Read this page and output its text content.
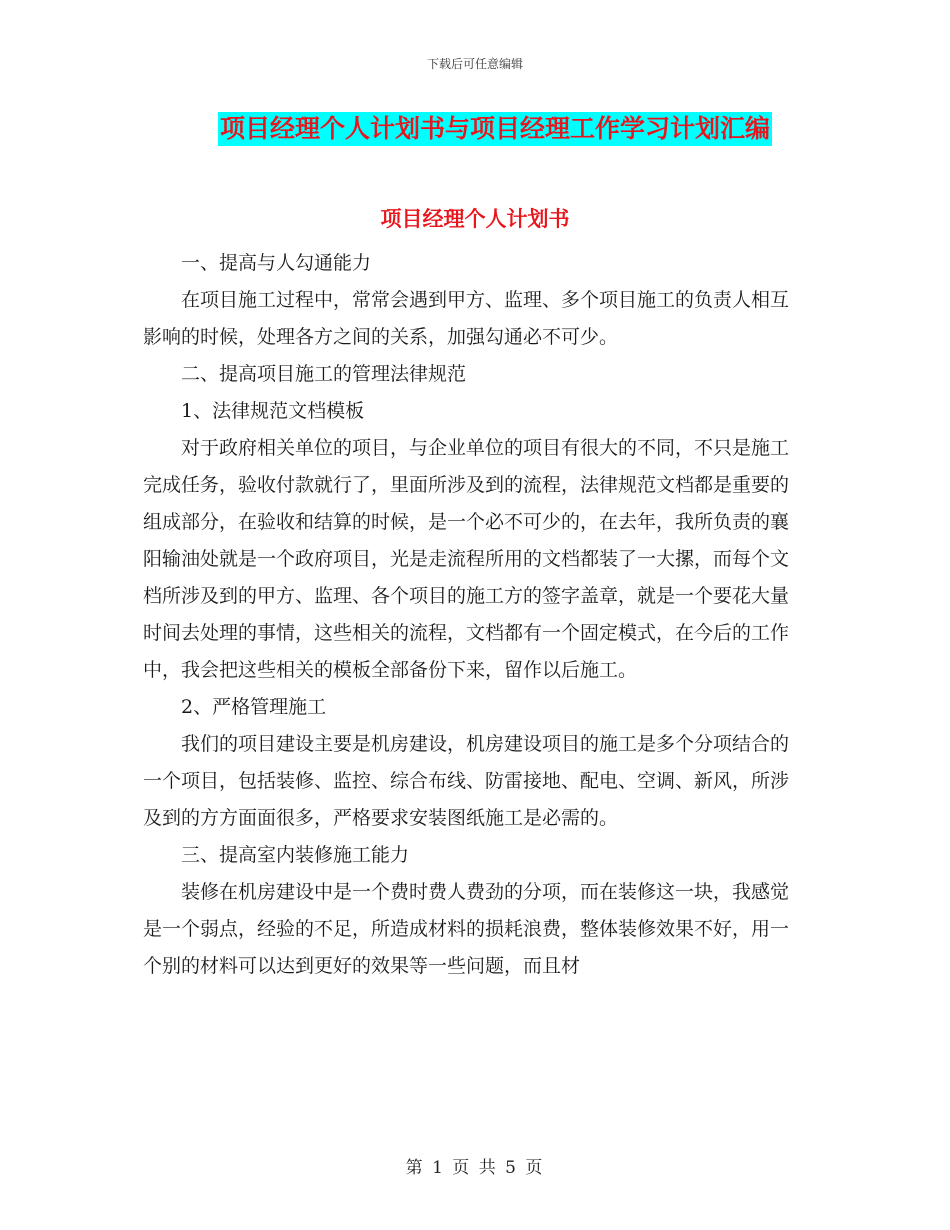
下载后可任意编辑
项目经理个人计划书与项目经理工作学习计划汇编
项目经理个人计划书

一、提高与人勾通能力

在项目施工过程中，常常会遇到甲方、监理、多个项目施工的负责人相互影响的时候，处理各方之间的关系，加强勾通必不可少。

二、提高项目施工的管理法律规范

1、法律规范文档模板

对于政府相关单位的项目，与企业单位的项目有很大的不同，不只是施工完成任务，验收付款就行了，里面所涉及到的流程，法律规范文档都是重要的组成部分，在验收和结算的时候，是一个必不可少的，在去年，我所负责的襄阳输油处就是一个政府项目，光是走流程所用的文档都装了一大摞，而每个文档所涉及到的甲方、监理、各个项目的施工方的签字盖章，就是一个要花大量时间去处理的事情，这些相关的流程，文档都有一个固定模式，在今后的工作中，我会把这些相关的模板全部备份下来，留作以后施工。

2、严格管理施工

我们的项目建设主要是机房建设，机房建设项目的施工是多个分项结合的一个项目，包括装修、监控、综合布线、防雷接地、配电、空调、新风，所涉及到的方方面面很多，严格要求安装图纸施工是必需的。

三、提高室内装修施工能力

装修在机房建设中是一个费时费人费劲的分项，而在装修这一块，我感觉是一个弱点，经验的不足，所造成材料的损耗浪费，整体装修效果不好，用一个别的材料可以达到更好的效果等一些问题，而且材

第 1 页 共 5 页
